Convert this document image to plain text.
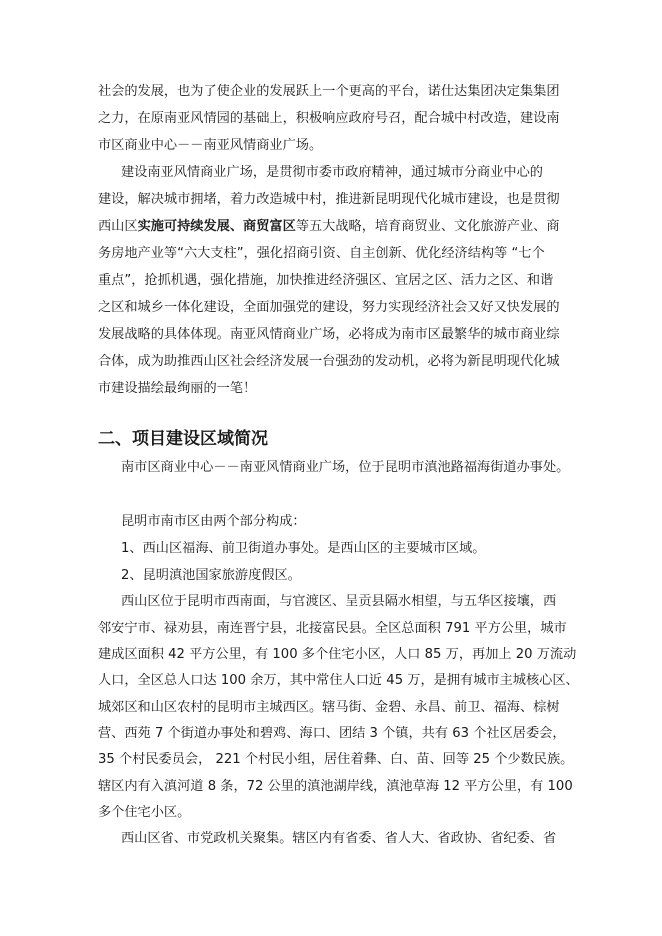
社会的发展，也为了使企业的发展跃上一个更高的平台，诺仕达集团决定集集团
之力，在原南亚风情园的基础上，积极响应政府号召，配合城中村改造，建设南
市区商业中心－－南亚风情商业广场。
建设南亚风情商业广场，是贯彻市委市政府精神，通过城市分商业中心的
建设，解决城市拥堵，着力改造城中村，推进新昆明现代化城市建设，也是贯彻
西山区实施可持续发展、商贸富区等五大战略，培育商贸业、文化旅游产业、商
务房地产业等“六大支柱”，强化招商引资、自主创新、优化经济结构等 “七个
重点”，抢抓机遇，强化措施，加快推进经济强区、宜居之区、活力之区、和谐
之区和城乡一体化建设，全面加强党的建设，努力实现经济社会又好又快发展的
发展战略的具体体现。南亚风情商业广场，必将成为南市区最繁华的城市商业综
合体，成为助推西山区社会经济发展一台强劲的发动机，必将为新昆明现代化城
市建设描绘最绚丽的一笔！
二、项目建设区域简况
南市区商业中心－－南亚风情商业广场，位于昆明市滇池路福海街道办事处。
昆明市南市区由两个部分构成：
1、西山区福海、前卫街道办事处。是西山区的主要城市区域。
2、昆明滇池国家旅游度假区。
西山区位于昆明市西南面，与官渡区、呈贡县隔水相望，与五华区接壤，西
邻安宁市、禄劝县，南连晋宁县，北接富民县。全区总面积 791 平方公里，城市
建成区面积 42 平方公里，有 100 多个住宅小区，人口 85 万，再加上 20 万流动
人口，全区总人口达 100 余万，其中常住人口近 45 万，是拥有城市主城核心区、
城郊区和山区农村的昆明市主城西区。辖马街、金碧、永昌、前卫、福海、棕树
营、西苑 7 个街道办事处和碧鸡、海口、团结 3 个镇，共有 63 个社区居委会，
35 个村民委员会， 221 个村民小组，居住着彝、白、苗、回等 25 个少数民族。
辖区内有入滇河道 8 条，72 公里的滇池湖岸线，滇池草海 12 平方公里，有 100
多个住宅小区。
西山区省、市党政机关聚集。辖区内有省委、省人大、省政协、省纪委、省
